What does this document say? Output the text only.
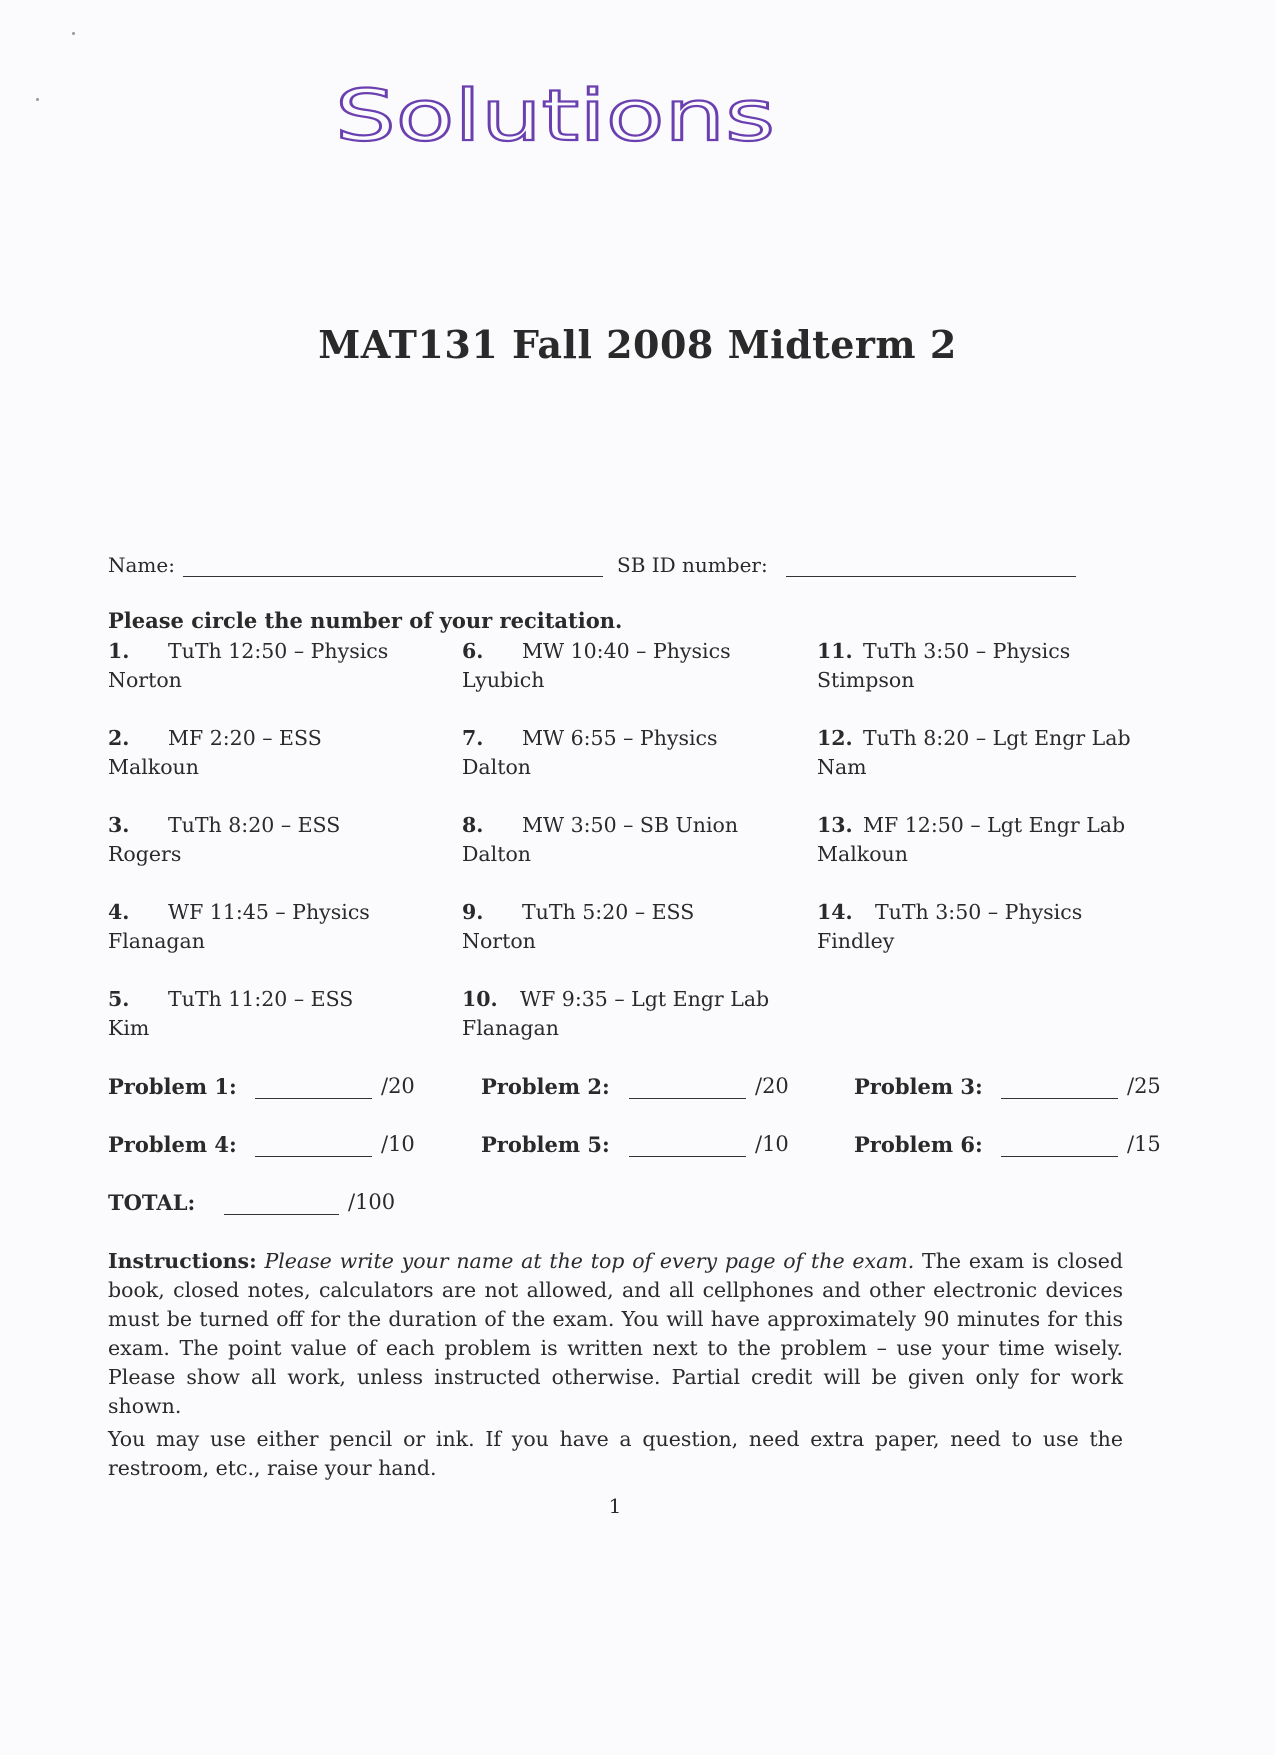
Solutions
MAT131 Fall 2008 Midterm 2
Name:	SB ID number:
Please circle the number of your recitation.
1. TuTh 12:50 – Physics
Norton
2. MF 2:20 – ESS
Malkoun
3. TuTh 8:20 – ESS
Rogers
4. WF 11:45 – Physics
Flanagan
5. TuTh 11:20 – ESS
Kim
6. MW 10:40 – Physics
Lyubich
7. MW 6:55 – Physics
Dalton
8. MW 3:50 – SB Union
Dalton
9. TuTh 5:20 – ESS
Norton
10. WF 9:35 – Lgt Engr Lab
Flanagan
11. TuTh 3:50 – Physics
Stimpson
12. TuTh 8:20 – Lgt Engr Lab
Nam
13. MF 12:50 – Lgt Engr Lab
Malkoun
14. TuTh 3:50 – Physics
Findley
Problem 1:	/20	Problem 2:	/20	Problem 3:	/25
Problem 4:	/10	Problem 5:	/10	Problem 6:	/15
TOTAL:	/100

Instructions: Please write your name at the top of every page of the exam. The exam is closed book, closed notes, calculators are not allowed, and all cellphones and other electronic devices must be turned off for the duration of the exam. You will have approximately 90 minutes for this exam. The point value of each problem is written next to the problem – use your time wisely. Please show all work, unless instructed otherwise. Partial credit will be given only for work shown.

You may use either pencil or ink. If you have a question, need extra paper, need to use the restroom, etc., raise your hand.

1
